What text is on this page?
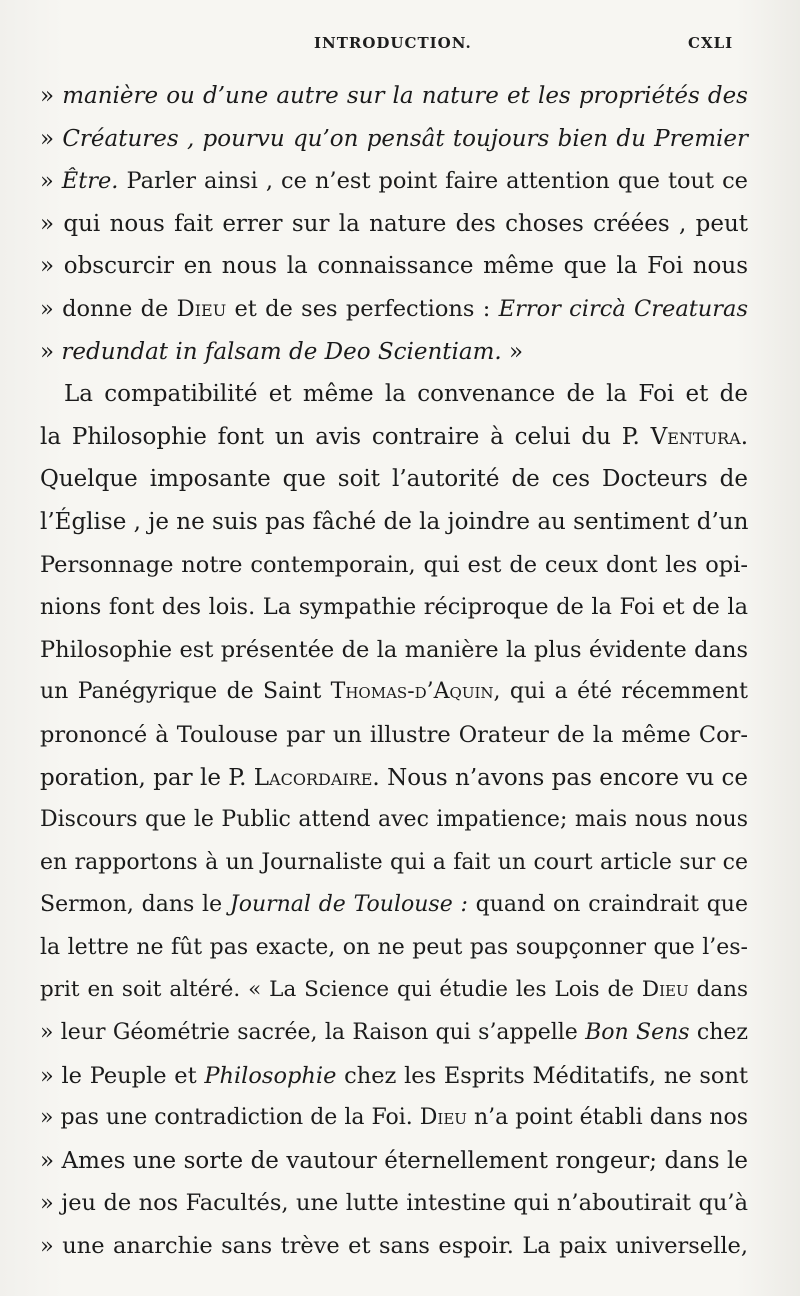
INTRODUCTION.	CXLI
» manière ou d’une autre sur la nature et les propriétés des
» Créatures , pourvu qu’on pensât toujours bien du Premier
» Être. Parler ainsi , ce n’est point faire attention que tout ce
» qui nous fait errer sur la nature des choses créées , peut
» obscurcir en nous la connaissance même que la Foi nous
» donne de Dieu et de ses perfections : Error circà Creaturas
» redundat in falsam de Deo Scientiam. »
La compatibilité et même la convenance de la Foi et de
la Philosophie font un avis contraire à celui du P. Ventura.
Quelque imposante que soit l’autorité de ces Docteurs de
l’Église , je ne suis pas fâché de la joindre au sentiment d’un
Personnage notre contemporain, qui est de ceux dont les opi-
nions font des lois. La sympathie réciproque de la Foi et de la
Philosophie est présentée de la manière la plus évidente dans
un Panégyrique de Saint Thomas-d’Aquin, qui a été récemment
prononcé à Toulouse par un illustre Orateur de la même Cor-
poration, par le P. Lacordaire. Nous n’avons pas encore vu ce
Discours que le Public attend avec impatience; mais nous nous
en rapportons à un Journaliste qui a fait un court article sur ce
Sermon, dans le Journal de Toulouse : quand on craindrait que
la lettre ne fût pas exacte, on ne peut pas soupçonner que l’es-
prit en soit altéré. « La Science qui étudie les Lois de Dieu dans
» leur Géométrie sacrée, la Raison qui s’appelle Bon Sens chez
» le Peuple et Philosophie chez les Esprits Méditatifs, ne sont
» pas une contradiction de la Foi. Dieu n’a point établi dans nos
» Ames une sorte de vautour éternellement rongeur; dans le
» jeu de nos Facultés, une lutte intestine qui n’aboutirait qu’à
» une anarchie sans trève et sans espoir. La paix universelle,
